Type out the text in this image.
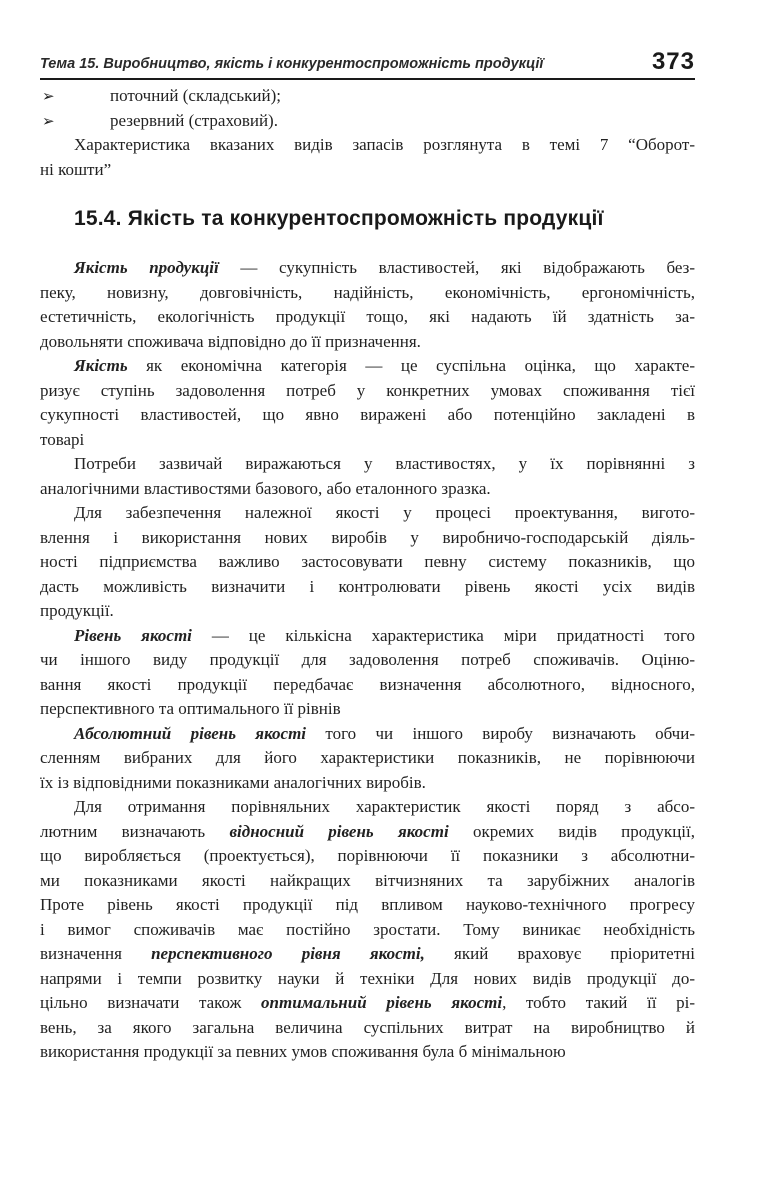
Тема 15. Виробництво, якість і конкурентоспроможність продукції	373
➢	поточний (складський);
➢	резервний (страховий).
Характеристика вказаних видів запасів розглянута в темі 7 “Оборот-
ні кошти”
15.4. Якість та конкурентоспроможність продукції
Якість продукції — сукупність властивостей, які відображають без-
пеку, новизну, довговічність, надійність, економічність, ергономічність,
естетичність, екологічність продукції тощо, які надають їй здатність за-
довольняти споживача відповідно до її призначення.
Якість як економічна категорія — це суспільна оцінка, що характе-
ризує ступінь задоволення потреб у конкретних умовах споживання тієї
сукупності властивостей, що явно виражені або потенційно закладені в
товарі
Потреби зазвичай виражаються у властивостях, у їх порівнянні з
аналогічними властивостями базового, або еталонного зразка.
Для забезпечення належної якості у процесі проектування, вигото-
влення і використання нових виробів у виробничо-господарській діяль-
ності підприємства важливо застосовувати певну систему показників, що
дасть можливість визначити і контролювати рівень якості усіх видів
продукції.
Рівень якості — це кількісна характеристика міри придатності того
чи іншого виду продукції для задоволення потреб споживачів. Оціню-
вання якості продукції передбачає визначення абсолютного, відносного,
перспективного та оптимального її рівнів
Абсолютний рівень якості того чи іншого виробу визначають обчи-
сленням вибраних для його характеристики показників, не порівнюючи
їх із відповідними показниками аналогічних виробів.
Для отримання порівняльних характеристик якості поряд з абсо-
лютним визначають відносний рівень якості окремих видів продукції,
що виробляється (проектується), порівнюючи її показники з абсолютни-
ми показниками якості найкращих вітчизняних та зарубіжних аналогів
Проте рівень якості продукції під впливом науково-технічного прогресу
і вимог споживачів має постійно зростати. Тому виникає необхідність
визначення перспективного рівня якості, який враховує пріоритетні
напрями і темпи розвитку науки й техніки Для нових видів продукції до-
цільно визначати також оптимальний рівень якості, тобто такий її рі-
вень, за якого загальна величина суспільних витрат на виробництво й
використання продукції за певних умов споживання була б мінімальною
